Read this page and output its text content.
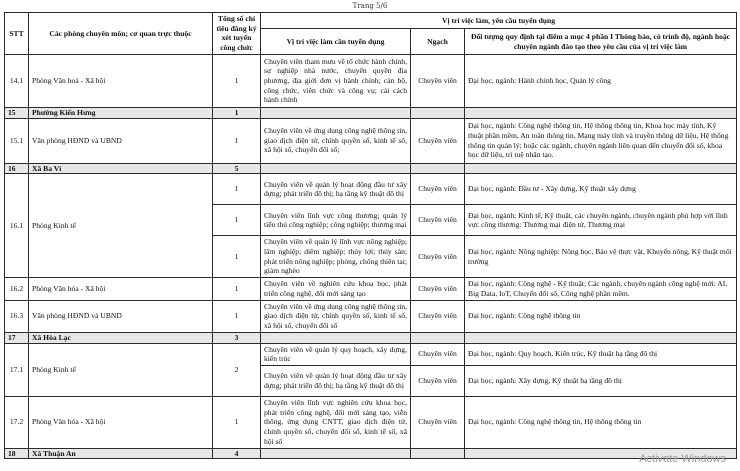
Trang 5/6
STT	Các phòng chuyên môn; cơ quan trực thuộc	Tổng số chỉ tiêu đăng ký xét tuyển công chức	Vị trí việc làm, yêu cầu tuyển dụng		
			Vị trí việc làm cần tuyển dụng	Ngạch	Đối tượng quy định tại điểm a mục 4 phần I Thông báo, có trình độ, ngành hoặc chuyên ngành đào tạo theo yêu cầu của vị trí việc làm
14.1	Phòng Văn hoá - Xã hội	1	Chuyên viên tham mưu về tổ chức hành chính, sự nghiệp nhà nước, chuyển quyền địa phương, địa giới đơn vị hành chính; cán bộ, công chức, viên chức và công vụ; cải cách hành chính	Chuyên viên	Đại học, ngành: Hành chính học, Quản lý công
15	Phường Kiến Hưng	1			
15.1	Văn phòng HĐND và UBND	1	Chuyên viên về ứng dụng công nghệ thông tin, giao dịch điện tử, chính quyền số, kinh tế số, xã hội số, chuyển đổi số;	Chuyên viên	Đại học, ngành: Công nghệ thông tin, Hệ thống thông tin, Khoa học máy tính, Kỹ thuật phần mềm, An toàn thông tin, Mạng máy tính và truyền thông dữ liệu, Hệ thống thông tin quản lý; hoặc các ngành, chuyên ngành liên quan đến chuyển đổi số, khoa học dữ liệu, trí tuệ nhân tạo.
16	Xã Ba Vì	5			
16.1	Phòng Kinh tế	1	Chuyên viên về quản lý hoạt động đầu tư xây dựng; phát triển đô thị; hạ tầng kỹ thuật đô thị	Chuyên viên	Đại học, ngành: Đầu tư - Xây dựng, Kỹ thuật xây dựng
		1	Chuyên viên lĩnh vực công thương; quản lý tiểu thủ công nghiệp; công nghiệp; thương mại	Chuyên viên	Đại học, ngành: Kinh tế, Kỹ thuật, các chuyên ngành, chuyên ngành phù hợp với lĩnh vực công thương: Thương mại điện tử, Thương mại
		1	Chuyên viên về quản lý lĩnh vực nông nghiệp; lâm nghiệp; diêm nghiệp; thủy lợi; thủy sản; phát triển nông nghiệp; phòng, chống thiên tai; giảm nghèo	Chuyên viên	Đại học, ngành: Nông nghiệp: Nông học, Bảo vệ thực vật, Khuyến nông, Kỹ thuật môi trường
16.2	Phòng Văn hóa - Xã hội	1	Chuyên viên về nghiên cứu khoa học, phát triển công nghệ, đổi mới sáng tạo	Chuyên viên	Đại học, ngành: Công nghệ - Kỹ thuật; Các ngành, chuyên ngành công nghệ mới: AI, Big Data, IoT, Chuyển đổi số, Công nghệ phần mềm.
16.3	Văn phòng HĐND và UBND	1	Chuyên viên về ứng dụng công nghệ thông tin, giao dịch điện tử, chính quyền số, kinh tế số, xã hội số, chuyển đổi số	Chuyên viên	Đại học, ngành: Công nghệ thông tin
17	Xã Hòa Lạc	3			
17.1	Phòng Kinh tế	2	Chuyên viên về quản lý quy hoạch, xây dựng, kiến trúc	Chuyên viên	Đại học, ngành: Quy hoạch, Kiến trúc, Kỹ thuật hạ tầng đô thị
			Chuyên viên về quản lý hoạt động đầu tư xây dựng; phát triển đô thị; hạ tầng kỹ thuật đô thị	Chuyên viên	Đại học, ngành: Xây dựng, Kỹ thuật hạ tầng đô thị
17.2	Phòng Văn hóa - Xã hội	1	Chuyên viên lĩnh vực nghiên cứu khoa học, phát triển công nghệ, đổi mới sáng tạo, viễn thông, ứng dụng CNTT, giao dịch điện tử, chính quyền số, chuyển đổi số, kinh tế số, xã hội số	Chuyên viên	Đại học, ngành: Công nghệ thông tin, Hệ thống thông tin
18	Xã Thuận An	4				Activate Windows
